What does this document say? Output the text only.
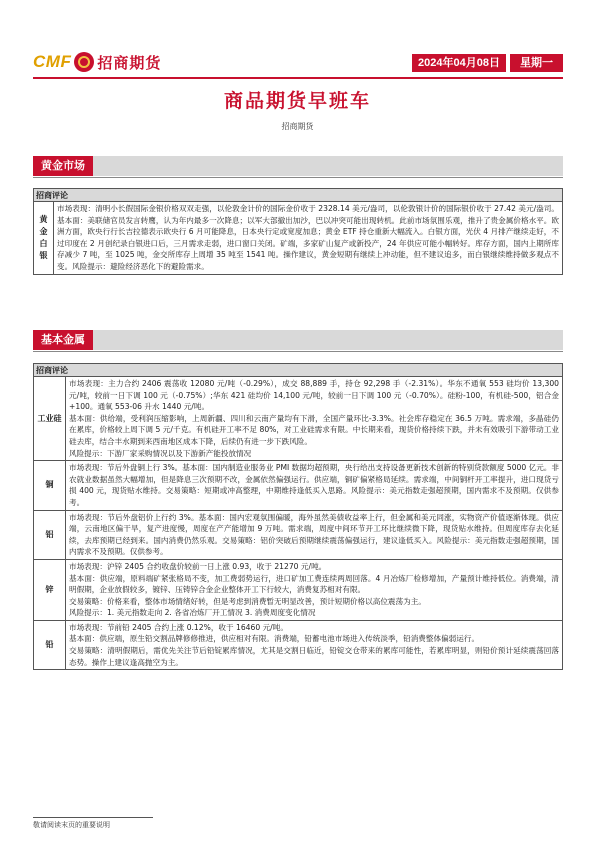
CMF 招商期货	2024年04月08日	星期一
商品期货早班车
招商期货
黄金市场
招商评论
黄金白银

市场表现：清明小长假国际金银价格双双走强，以伦敦金计价的国际金价收于 2328.14 美元/盎司，以伦敦银计价的国际银价收于 27.42 美元/盎司。基本面：美联储官员发言转鹰，认为年内最多一次降息；以军大部撤出加沙，巴以冲突可能出现转机。此前市场氛围乐观，推升了贵金属价格水平。欧洲方面，欧央行行长吉拉德表示欧央行 6 月可能降息，日本央行定或宽度加息；黄金 ETF 持仓重新大幅流入。白银方面，光伏 4 月排产继续走好，不过印度在 2 月创纪录白银进口后，三月需求走弱，进口窗口关闭。矿端，多家矿山复产或新投产，24 年供应可能小幅转好。库存方面，国内上期所库存减少 7 吨，至 1025 吨，金交所库存上周增 35 吨至 1541 吨。操作建议，黄金短期有继续上冲动能，但不建议追多，而白银继续维持做多观点不变。风险提示：避险经济恶化下的避险需求。

基本金属
招商评论
工业硅

市场表现：主力合约 2406 震荡收 12080 元/吨（-0.29%），成交 88,889 手，持仓 92,298 手（-2.31%）。华东不通氧 553 硅均价 13,300 元/吨，较前一日下调 100 元（-0.75%）;华东 421 硅均价 14,100 元/吨，较前一日下调 100 元（-0.70%）。硅粉-100，有机硅-500，铝合金+100。通氧 553-06 升水 1440 元/吨。

基本面：供给端，受利润压缩影响，上周新疆、四川和云南产量均有下滑，全国产量环比-3.3%。社会库存稳定在 36.5 万吨。需求端，多晶硅仍在累库，价格较上周下调 5 元/千克。有机硅开工率不足 80%，对工业硅需求有限。中长期来看，现货价格持续下跌，并未有效吸引下游带动工业硅去库，结合丰水期到来西南地区成本下降，后续仍有进一步下跌风险。

风险提示：下游厂家采购情况以及下游新产能投放情况

铜

市场表现：节后外盘铜上行 3%。基本面：国内制造业服务业 PMI 数据均超预期，央行给出支持设备更新技术创新的特别贷款额度 5000 亿元。非农就业数据虽然大幅增加，但是降息三次预期不改，金属依然偏强运行。供应端，铜矿偏紧格局延续。需求端，中间铜杆开工率提升，进口现货亏损 400 元，现货贴水维持。交易策略：短期或冲高整理，中期维持逢低买入思路。风险提示：美元指数走强超预期，国内需求不及预期。仅供参考。

铝

市场表现：节后外盘铝价上行约 3%。基本面：国内宏观氛围偏暖，海外虽然美债收益率上行，但金属和美元同涨，实物资产价值逐渐体现。供应端，云南地区偏干旱，复产进度慢，周度在产产能增加 9 万吨。需求端，周度中间环节开工环比继续微下降，现货贴水维持。但周度库存去化延续，去库预期已经到来。国内消费仍然乐观。交易策略：铝价突破后预期继续震荡偏强运行，建议逢低买入。风险提示：美元指数走强超预期，国内需求不及预期。仅供参考。

锌

市场表现：沪锌 2405 合约收盘价较前一日上涨 0.93，收于 21270 元/吨。

基本面：供应端，原料端矿紧张格局不变，加工费弱势运行，进口矿加工费连续两周回落。4 月冶炼厂检修增加，产量预计维持低位。消费端，清明假期，企业放假较多，镀锌、压铸锌合金企业整体开工下行较大，消费复苏相对有限。

交易策略：价格来看，整体市场情绪好转，但是考虑到消费暂无明显改善，预计短期价格以高位震荡为主。

风险提示：1. 美元指数走向 2. 各省冶炼厂开工情况 3. 消费周度变化情况

铅

市场表现：节前铅 2405 合约上涨 0.12%，收于 16460 元/吨。

基本面：供应端，原生铅交割品牌修修推进，供应相对有限。消费端，铅蓄电池市场进入传统淡季，铅消费整体偏弱运行。

交易策略：清明假期后，需优先关注节后铅锭累库情况，尤其是交割日临近，铅锭交仓带来的累库可能性，若累库明显，则铅价预计延续震荡回落态势。操作上建议逢高抛空为主。

敬请阅读末页的重要说明
